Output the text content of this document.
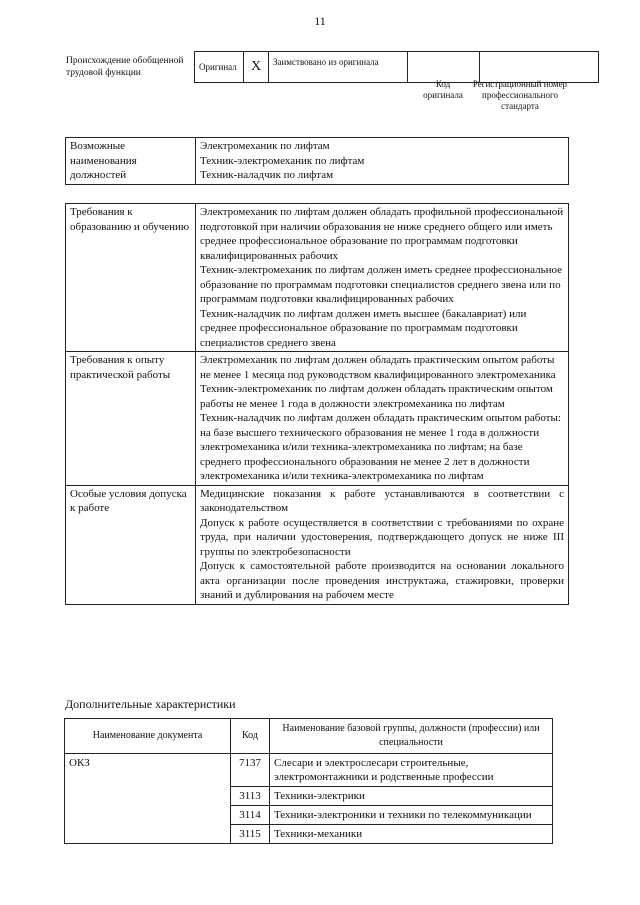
11
Происхождение обобщенной трудовой функции
Оригинал	X	Заимствовано из оригинала		
Код оригинала
Регистрационный номер профессионального стандарта
Возможные наименования должностей	
Электромеханик по лифтам
Техник-электромеханик по лифтам
Техник-наладчик по лифтам
Требования к образованию и обучению	Электромеханик по лифтам должен обладать профильной профессиональной подготовкой при наличии образования не ниже среднего общего или иметь среднее профессиональное образование по программам подготовки квалифицированных рабочих
Техник-электромеханик по лифтам должен иметь среднее профессиональное образование по программам подготовки специалистов среднего звена или по программам подготовки квалифицированных рабочих
Техник-наладчик по лифтам должен иметь высшее (бакалавриат) или среднее профессиональное образование по программам подготовки специалистов среднего звена

Требования к опыту практической работы	Электромеханик по лифтам должен обладать практическим опытом работы не менее 1 месяца под руководством квалифицированного электромеханика
Техник-электромеханик по лифтам должен обладать практическим опытом работы не менее 1 года в должности электромеханика по лифтам
Техник-наладчик по лифтам должен обладать практическим опытом работы: на базе высшего технического образования не менее 1 года в должности электромеханика и/или техника-электромеханика по лифтам; на базе среднего профессионального образования не менее 2 лет в должности электромеханика и/или техника-электромеханика по лифтам

Особые условия допуска к работе	Медицинские показания к работе устанавливаются в соответствии с законодательством
Допуск к работе осуществляется в соответствии с требованиями по охране труда, при наличии удостоверения, подтверждающего допуск не ниже III группы по электробезопасности
Допуск к самостоятельной работе производится на основании локального акта организации после проведения инструктажа, стажировки, проверки знаний и дублирования на рабочем месте
Дополнительные характеристики
Наименование документа	Код	Наименование базовой группы, должности (профессии) или специальности
ОКЗ	7137	Слесари и электрослесари строительные, электромонтажники и родственные профессии
	3113	Техники-электрики
	3114	Техники-электроники и техники по телекоммуникации
	3115	Техники-механики
